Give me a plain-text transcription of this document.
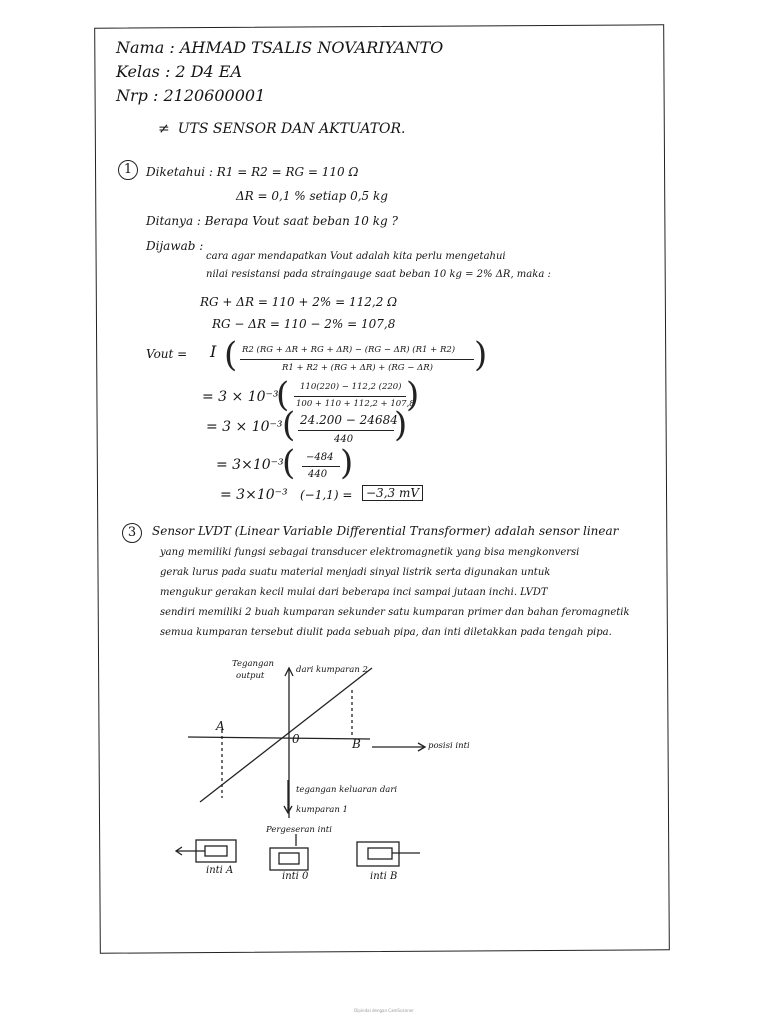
Nama : AHMAD TSALIS NOVARIYANTO
Kelas : 2 D4 EA
Nrp : 2120600001
≠ UTS SENSOR DAN AKTUATOR.
1	Diketahui : R1 = R2 = RG = 110 Ω
ΔR = 0,1 % setiap 0,5 kg
Ditanya : Berapa Vout saat beban 10 kg ?
Dijawab :
cara agar mendapatkan Vout adalah kita perlu mengetahui
nilai resistansi pada straingauge saat beban 10 kg = 2% ΔR, maka :
RG + ΔR = 110 + 2% = 112,2 Ω
RG − ΔR = 110 − 2% = 107,8
Vout = I ( R2 (RG + ΔR + RG + ΔR) − (RG − ΔR) (R1 + R2)
R1 + R2 + (RG + ΔR) + (RG − ΔR) )
= 3 × 10⁻³
( 110(220) − 112,2 (220)
100 + 110 + 112,2 + 107,8
)
= 3 × 10⁻³ ( 24.200 − 24684
440 )
= 3×10⁻³
( −484
440 )
= 3×10⁻³ (−1,1) =	−3,3 mV
3	Sensor LVDT (Linear Variable Differential Transformer) adalah sensor linear
yang memiliki fungsi sebagai transducer elektromagnetik yang bisa mengkonversi
gerak lurus pada suatu material menjadi sinyal listrik serta digunakan untuk
mengukur gerakan kecil mulai dari beberapa inci sampai jutaan inchi. LVDT
sendiri memiliki 2 buah kumparan sekunder satu kumparan primer dan bahan feromagnetik
semua kumparan tersebut diulit pada sebuah pipa, dan inti diletakkan pada tengah pipa.
Tegangan
output
dari kumparan 2
A
0	B	posisi inti
tegangan keluaran dari
kumparan 1
Pergeseran inti
inti A
inti 0	inti B
Dipindai dengan CamScanner
